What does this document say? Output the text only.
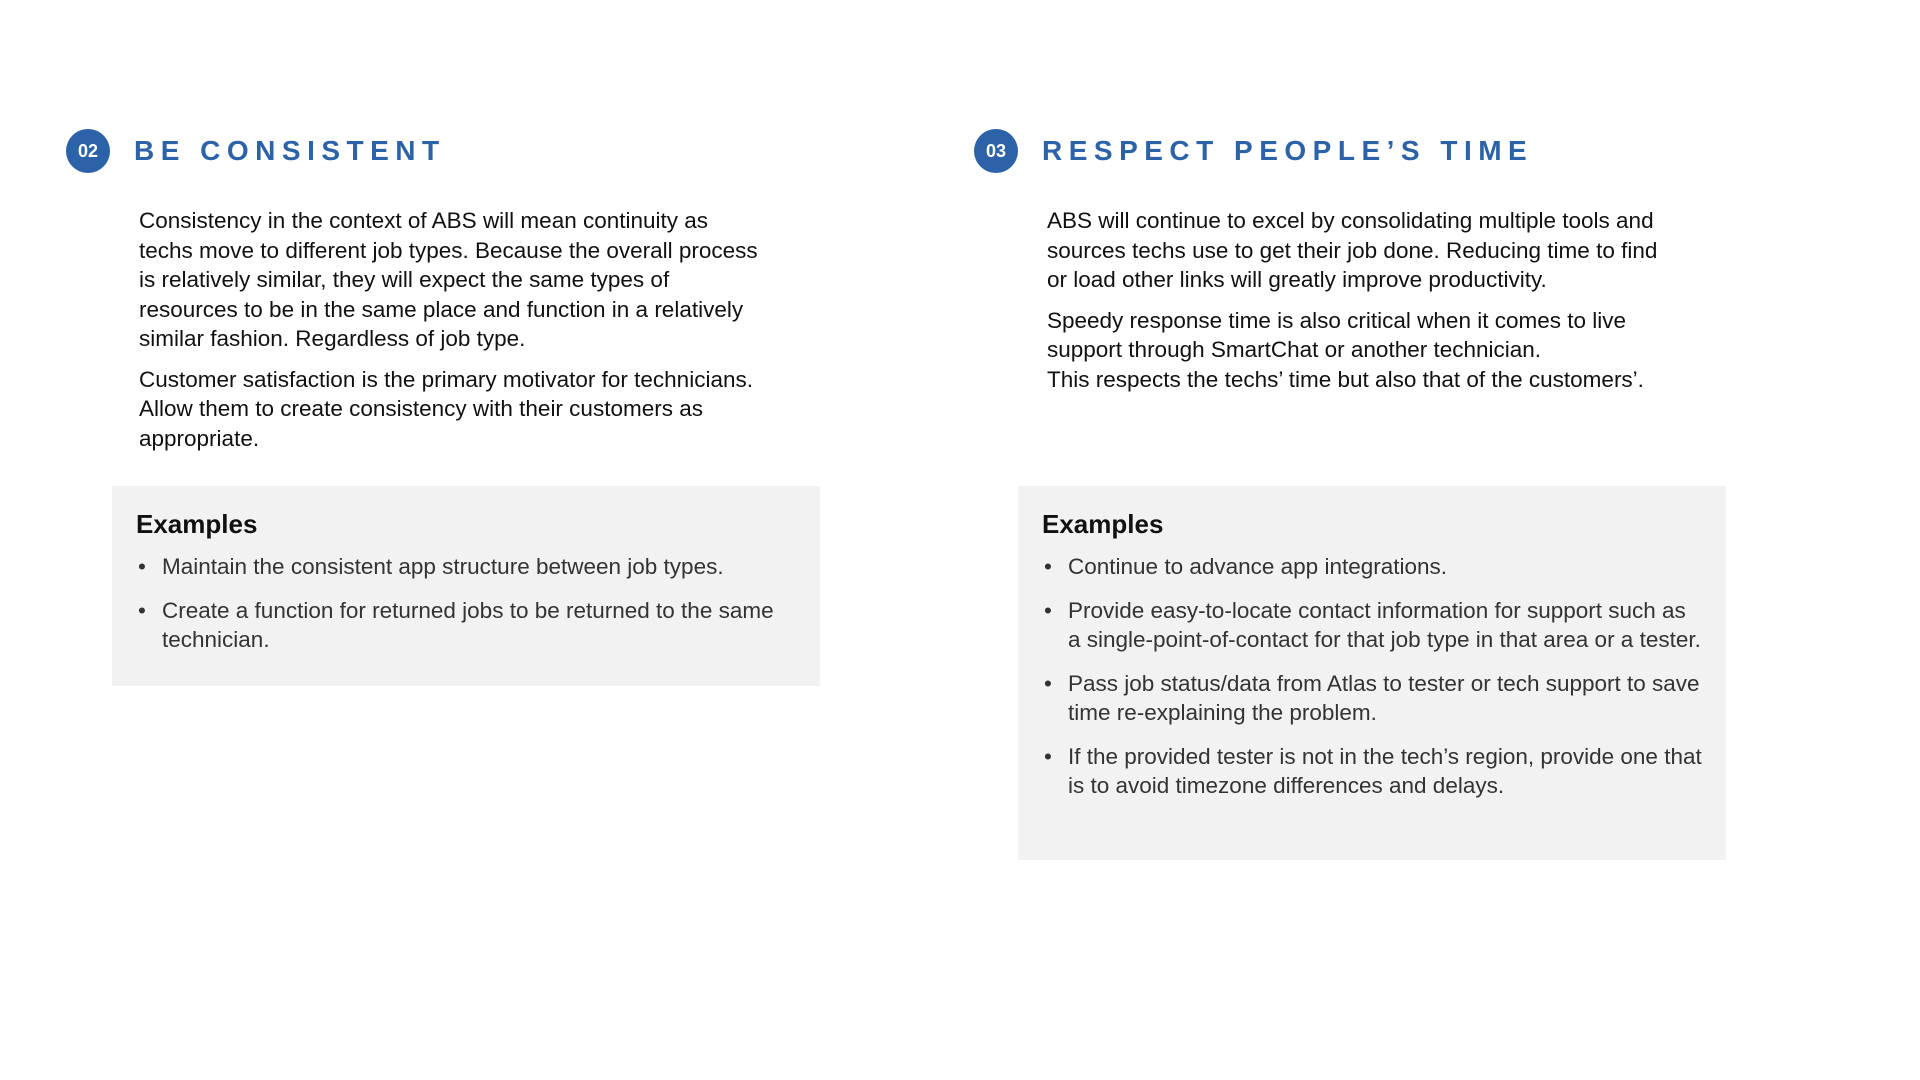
02	BE CONSISTENT

Consistency in the context of ABS will mean continuity as techs move to different job types. Because the overall process is relatively similar, they will expect the same types of resources to be in the same place and function in a relatively similar fashion. Regardless of job type.

Customer satisfaction is the primary motivator for technicians. Allow them to create consistency with their customers as appropriate.

Examples
• Maintain the consistent app structure between job types.
• Create a function for returned jobs to be returned to the same technician.
03	RESPECT PEOPLE’S TIME

ABS will continue to excel by consolidating multiple tools and sources techs use to get their job done. Reducing time to find or load other links will greatly improve productivity.

Speedy response time is also critical when it comes to live support through SmartChat or another technician.

This respects the techs’ time but also that of the customers’.

Examples
• Continue to advance app integrations.
• Provide easy-to-locate contact information for support such as a single-point-of-contact for that job type in that area or a tester.
• Pass job status/data from Atlas to tester or tech support to save time re-explaining the problem.
• If the provided tester is not in the tech’s region, provide one that is to avoid timezone differences and delays.
